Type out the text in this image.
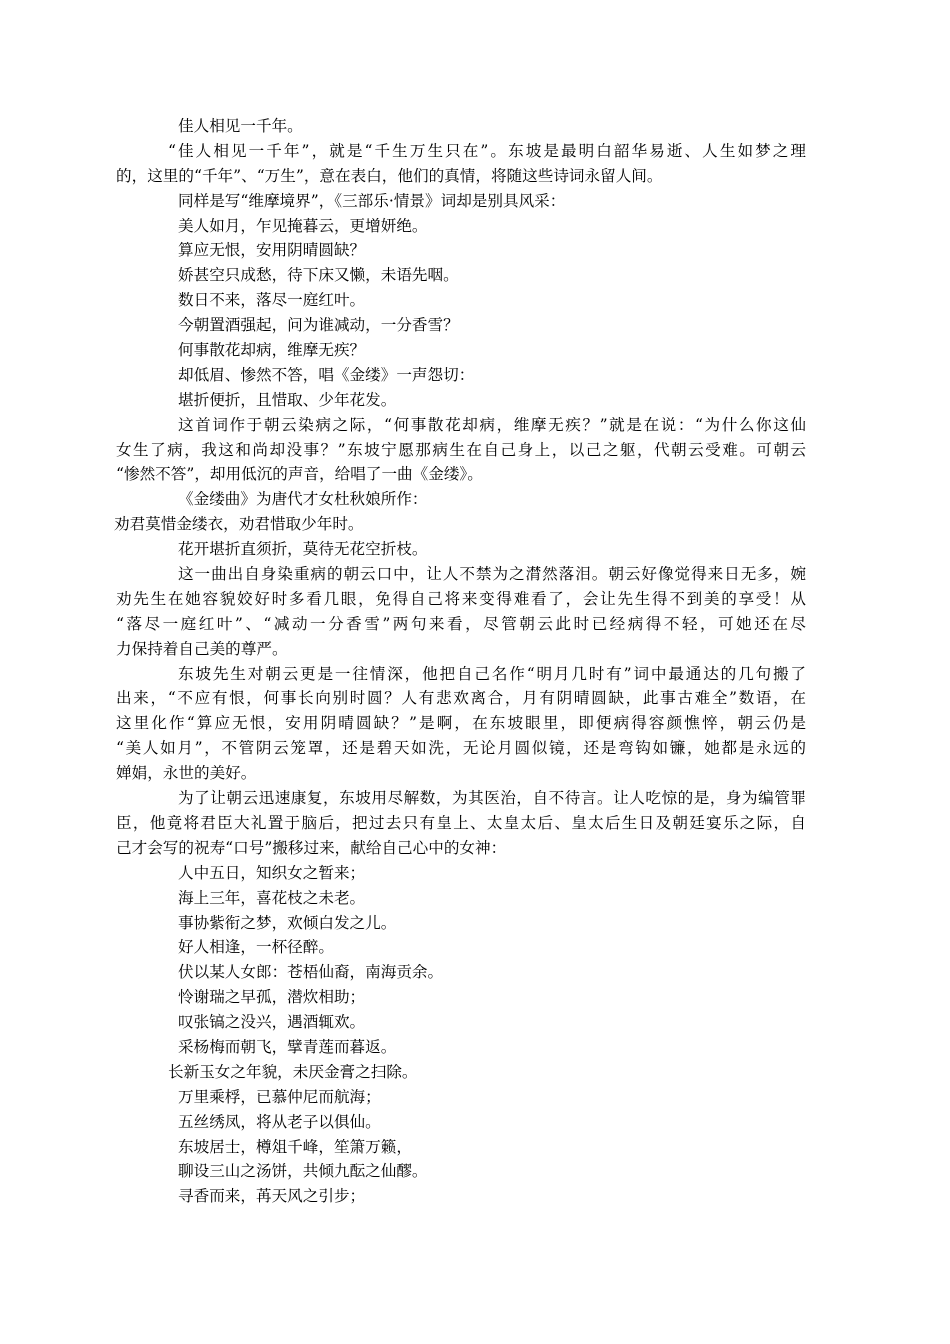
佳人相见一千年。
“佳人相见一千年”，就是“千生万生只在”。东坡是最明白韶华易逝、人生如梦之理
的，这里的“千年”、“万生”，意在表白，他们的真情，将随这些诗词永留人间。
同样是写“维摩境界”，《三部乐·情景》词却是别具风采：
美人如月，乍见掩暮云，更增妍绝。
算应无恨，安用阴晴圆缺？
娇甚空只成愁，待下床又懒，未语先咽。
数日不来，落尽一庭红叶。
今朝置酒强起，问为谁减动，一分香雪？
何事散花却病，维摩无疾？
却低眉、惨然不答，唱《金缕》一声怨切：
堪折便折，且惜取、少年花发。
这首词作于朝云染病之际，“何事散花却病，维摩无疾？”就是在说：“为什么你这仙
女生了病，我这和尚却没事？”东坡宁愿那病生在自己身上，以己之躯，代朝云受难。可朝云
“惨然不答”，却用低沉的声音，给唱了一曲《金缕》。
《金缕曲》为唐代才女杜秋娘所作：
劝君莫惜金缕衣，劝君惜取少年时。
花开堪折直须折，莫待无花空折枝。
这一曲出自身染重病的朝云口中，让人不禁为之潸然落泪。朝云好像觉得来日无多，婉
劝先生在她容貌姣好时多看几眼，免得自己将来变得难看了，会让先生得不到美的享受！从
“落尽一庭红叶”、“减动一分香雪”两句来看，尽管朝云此时已经病得不轻，可她还在尽
力保持着自己美的尊严。
东坡先生对朝云更是一往情深，他把自己名作“明月几时有”词中最通达的几句搬了
出来，“不应有恨，何事长向别时圆？人有悲欢离合，月有阴晴圆缺，此事古难全”数语，在
这里化作“算应无恨，安用阴晴圆缺？”是啊，在东坡眼里，即便病得容颜憔悴，朝云仍是
“美人如月”，不管阴云笼罩，还是碧天如洗，无论月圆似镜，还是弯钩如镰，她都是永远的
婵娟，永世的美好。
为了让朝云迅速康复，东坡用尽解数，为其医治，自不待言。让人吃惊的是，身为编管罪
臣，他竟将君臣大礼置于脑后，把过去只有皇上、太皇太后、皇太后生日及朝廷宴乐之际，自
己才会写的祝寿“口号”搬移过来，献给自己心中的女神：
人中五日，知织女之暂来；
海上三年，喜花枝之未老。
事协紫衔之梦，欢倾白发之儿。
好人相逢，一杯径醉。
伏以某人女郎：苍梧仙裔，南海贡余。
怜谢瑞之早孤，潜炊相助；
叹张镐之没兴，遇酒辄欢。
采杨梅而朝飞，擘青莲而暮返。
长新玉女之年貌，未厌金膏之扫除。
万里乘桴，已慕仲尼而航海；
五丝绣凤，将从老子以俱仙。
东坡居士，樽俎千峰，笙箫万籁，
聊设三山之汤饼，共倾九酝之仙醪。
寻香而来，苒天风之引步；
